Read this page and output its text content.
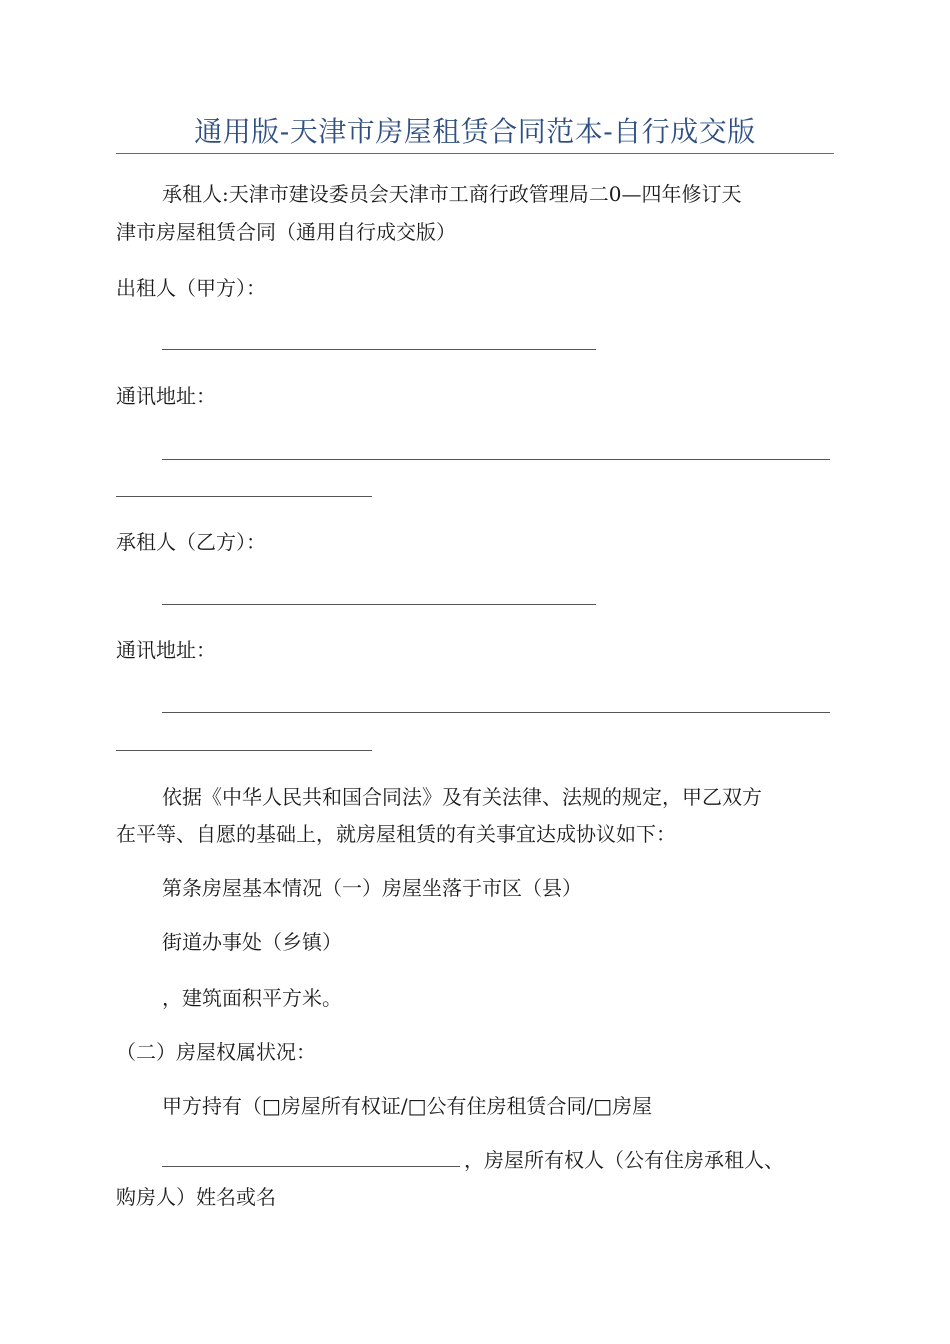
通用版-天津市房屋租赁合同范本-自行成交版
承租人:天津市建设委员会天津市工商行政管理局二0—四年修订天
津市房屋租赁合同（通用自行成交版）
出租人（甲方）：
通讯地址：
承租人（乙方）：
通讯地址：
依据《中华人民共和国合同法》及有关法律、法规的规定，甲乙双方
在平等、自愿的基础上，就房屋租赁的有关事宜达成协议如下：
第条房屋基本情况（一）房屋坐落于市区（县）
街道办事处（乡镇）
，建筑面积平方米。
（二）房屋权属状况：
甲方持有（□房屋所有权证/□公有住房租赁合同/□房屋
，房屋所有权人（公有住房承租人、
购房人）姓名或名
